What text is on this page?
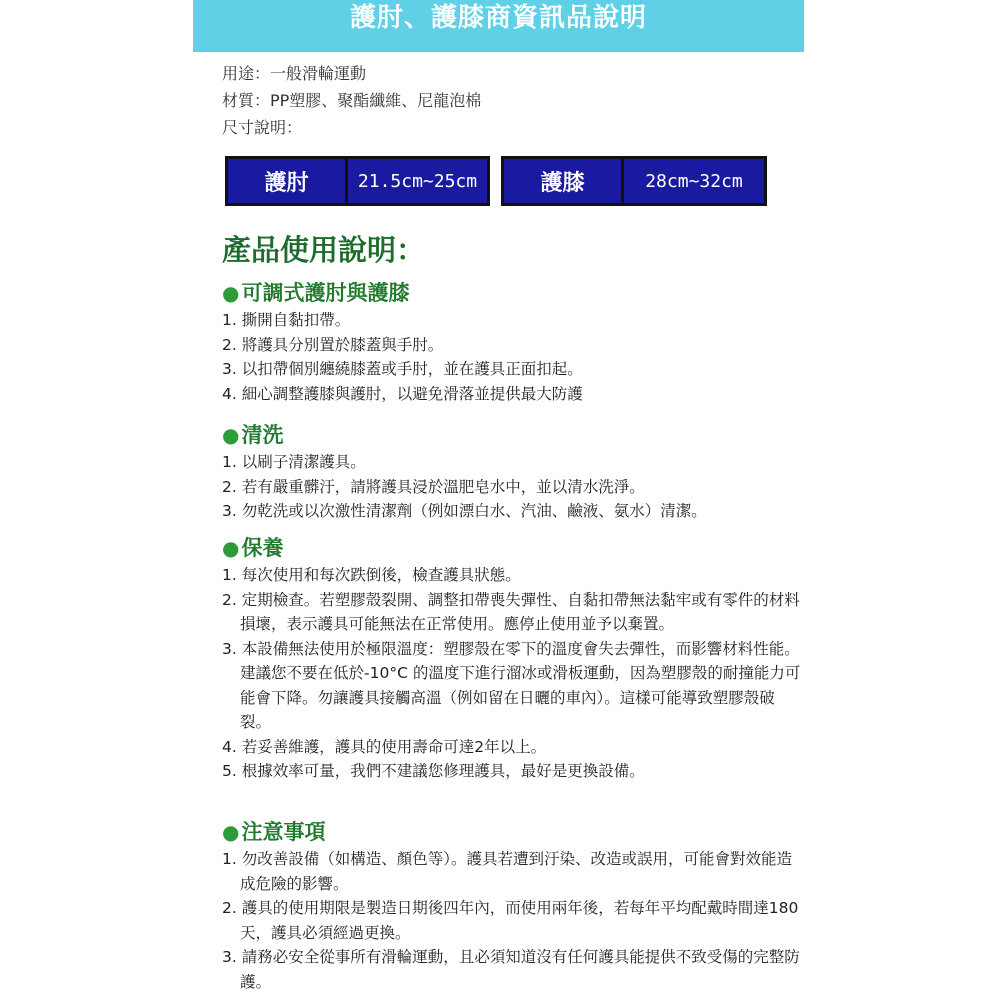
護肘、護膝商資訊品說明
用途：一般滑輪運動
材質：PP塑膠、聚酯纖維、尼龍泡棉
尺寸說明：
護肘	21.5cm~25cm	護膝	28cm~32cm
產品使用說明：
●可調式護肘與護膝
1. 撕開自黏扣帶。
2. 將護具分別置於膝蓋與手肘。
3. 以扣帶個別纏繞膝蓋或手肘，並在護具正面扣起。
4. 細心調整護膝與護肘，以避免滑落並提供最大防護
●清洗
1. 以刷子清潔護具。
2. 若有嚴重髒汙，請將護具浸於溫肥皂水中，並以清水洗淨。
3. 勿乾洗或以次激性清潔劑（例如漂白水、汽油、鹼液、氨水）清潔。
●保養
1. 每次使用和每次跌倒後，檢查護具狀態。
2. 定期檢查。若塑膠殼裂開、調整扣帶喪失彈性、自黏扣帶無法黏牢或有零件的材料損壞，表示護具可能無法在正常使用。應停止使用並予以棄置。
3. 本設備無法使用於極限溫度：塑膠殼在零下的溫度會失去彈性，而影響材料性能。建議您不要在低於-10°C 的溫度下進行溜冰或滑板運動，因為塑膠殼的耐撞能力可能會下降。勿讓護具接觸高溫（例如留在日曬的車內）。這樣可能導致塑膠殼破裂。
4. 若妥善維護，護具的使用壽命可達2年以上。
5. 根據效率可量，我們不建議您修理護具，最好是更換設備。
●注意事項
1. 勿改善設備（如構造、顏色等）。護具若遭到汙染、改造或誤用，可能會對效能造成危險的影響。
2. 護具的使用期限是製造日期後四年內，而使用兩年後，若每年平均配戴時間達180天，護具必須經過更換。
3. 請務必安全從事所有滑輪運動，且必須知道沒有任何護具能提供不致受傷的完整防護。
